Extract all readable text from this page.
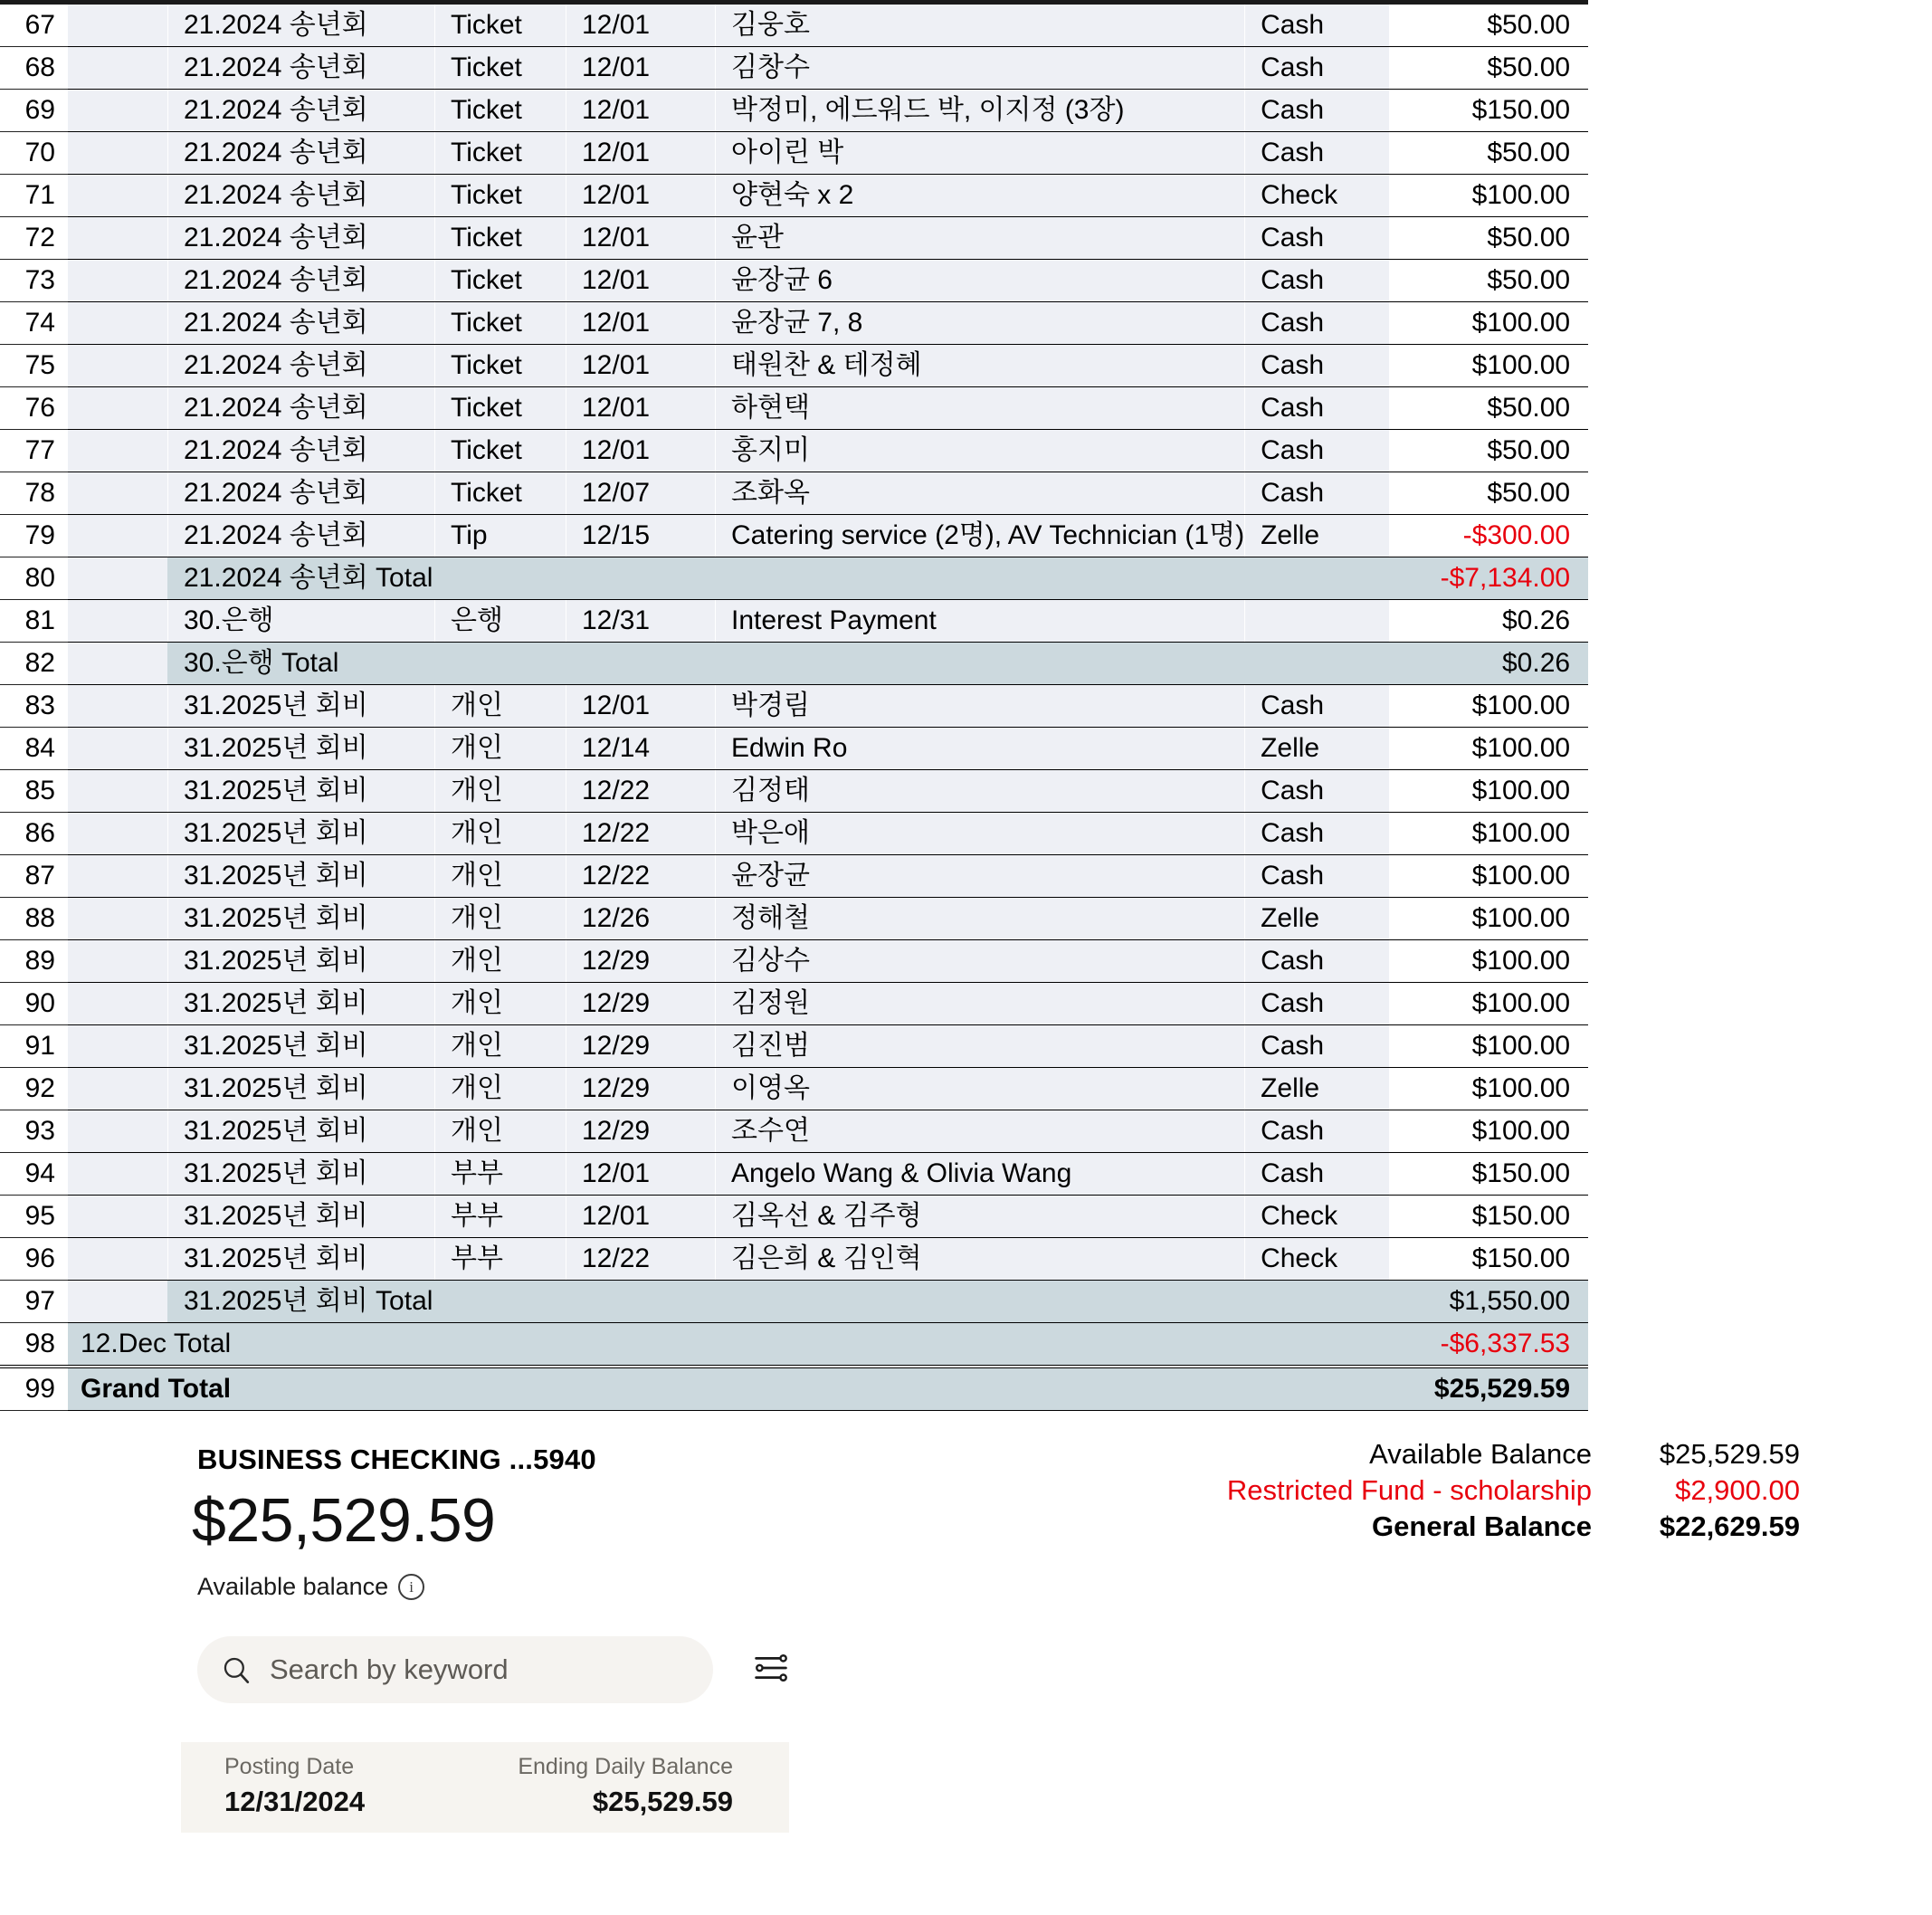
67		21.2024 송년회	Ticket	12/01	김웅호	Cash	$50.00
68		21.2024 송년회	Ticket	12/01	김창수	Cash	$50.00
69		21.2024 송년회	Ticket	12/01	박정미, 에드워드 박, 이지정 (3장)	Cash	$150.00
70		21.2024 송년회	Ticket	12/01	아이린 박	Cash	$50.00
71		21.2024 송년회	Ticket	12/01	양현숙 x 2	Check	$100.00
72		21.2024 송년회	Ticket	12/01	윤관	Cash	$50.00
73		21.2024 송년회	Ticket	12/01	윤장균 6	Cash	$50.00
74		21.2024 송년회	Ticket	12/01	윤장균 7, 8	Cash	$100.00
75		21.2024 송년회	Ticket	12/01	태원찬 & 테정혜	Cash	$100.00
76		21.2024 송년회	Ticket	12/01	하현택	Cash	$50.00
77		21.2024 송년회	Ticket	12/01	홍지미	Cash	$50.00
78		21.2024 송년회	Ticket	12/07	조화옥	Cash	$50.00
79		21.2024 송년회	Tip	12/15	Catering service (2명), AV Technician (1명)	Zelle	-$300.00
80		21.2024 송년회 Total					-$7,134.00
81		30.은행	은행	12/31	Interest Payment		$0.26
82		30.은행 Total					$0.26
83		31.2025년 회비	개인	12/01	박경림	Cash	$100.00
84		31.2025년 회비	개인	12/14	Edwin Ro	Zelle	$100.00
85		31.2025년 회비	개인	12/22	김정태	Cash	$100.00
86		31.2025년 회비	개인	12/22	박은애	Cash	$100.00
87		31.2025년 회비	개인	12/22	윤장균	Cash	$100.00
88		31.2025년 회비	개인	12/26	정해철	Zelle	$100.00
89		31.2025년 회비	개인	12/29	김상수	Cash	$100.00
90		31.2025년 회비	개인	12/29	김정원	Cash	$100.00
91		31.2025년 회비	개인	12/29	김진범	Cash	$100.00
92		31.2025년 회비	개인	12/29	이영옥	Zelle	$100.00
93		31.2025년 회비	개인	12/29	조수연	Cash	$100.00
94		31.2025년 회비	부부	12/01	Angelo Wang & Olivia Wang	Cash	$150.00
95		31.2025년 회비	부부	12/01	김옥선 & 김주형	Check	$150.00
96		31.2025년 회비	부부	12/22	김은희 & 김인혁	Check	$150.00
97		31.2025년 회비 Total					$1,550.00
98	12.Dec Total						-$6,337.53
99	Grand Total						$25,529.59
BUSINESS CHECKING ...5940
$25,529.59
Available balance	i
Available Balance	$25,529.59
Restricted Fund - scholarship	$2,900.00
General Balance	$22,629.59
Search by keyword
Posting Date
12/31/2024
Ending Daily Balance
$25,529.59
